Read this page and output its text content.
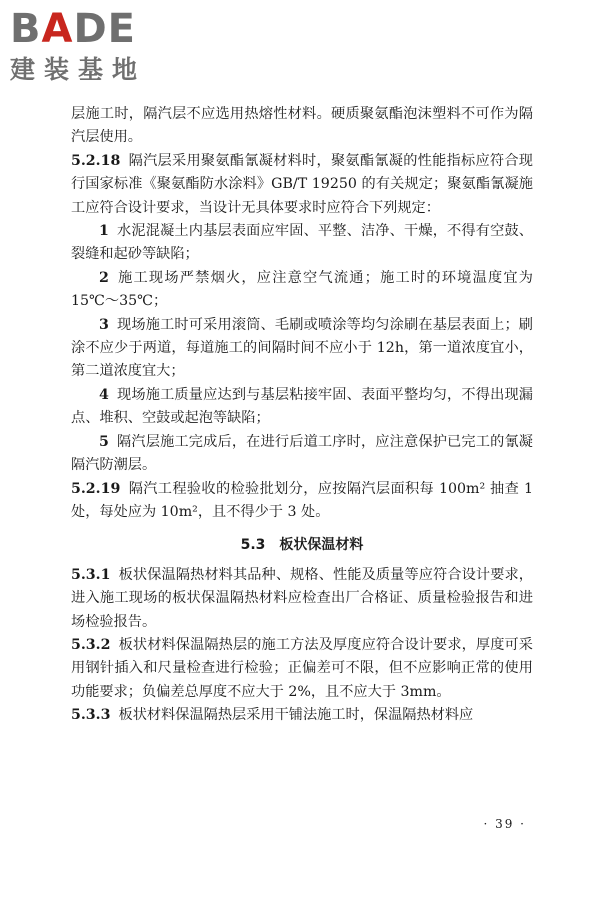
B A D E
建装基地

层施工时，隔汽层不应选用热熔性材料。硬质聚氨酯泡沫塑料不可作为隔汽层使用。

5.2.18 隔汽层采用聚氨酯氰凝材料时，聚氨酯氰凝的性能指标应符合现行国家标准《聚氨酯防水涂料》GB/T 19250 的有关规定；聚氨酯氰凝施工应符合设计要求，当设计无具体要求时应符合下列规定：

1 水泥混凝土内基层表面应牢固、平整、洁净、干燥，不得有空鼓、裂缝和起砂等缺陷；

2 施工现场严禁烟火，应注意空气流通；施工时的环境温度宜为 15℃～35℃；

3 现场施工时可采用滚筒、毛刷或喷涂等均匀涂刷在基层表面上；刷涂不应少于两道，每道施工的间隔时间不应小于 12h，第一道浓度宜小，第二道浓度宜大；

4 现场施工质量应达到与基层粘接牢固、表面平整均匀，不得出现漏点、堆积、空鼓或起泡等缺陷；

5 隔汽层施工完成后，在进行后道工序时，应注意保护已完工的氰凝隔汽防潮层。

5.2.19 隔汽工程验收的检验批划分，应按隔汽层面积每 100m² 抽查 1 处，每处应为 10m²，且不得少于 3 处。

5.3 板状保温材料

5.3.1 板状保温隔热材料其品种、规格、性能及质量等应符合设计要求，进入施工现场的板状保温隔热材料应检查出厂合格证、质量检验报告和进场检验报告。

5.3.2 板状材料保温隔热层的施工方法及厚度应符合设计要求，厚度可采用钢针插入和尺量检查进行检验；正偏差可不限，但不应影响正常的使用功能要求；负偏差总厚度不应大于 2%，且不应大于 3mm。

5.3.3 板状材料保温隔热层采用干铺法施工时，保温隔热材料应

· 39 ·
